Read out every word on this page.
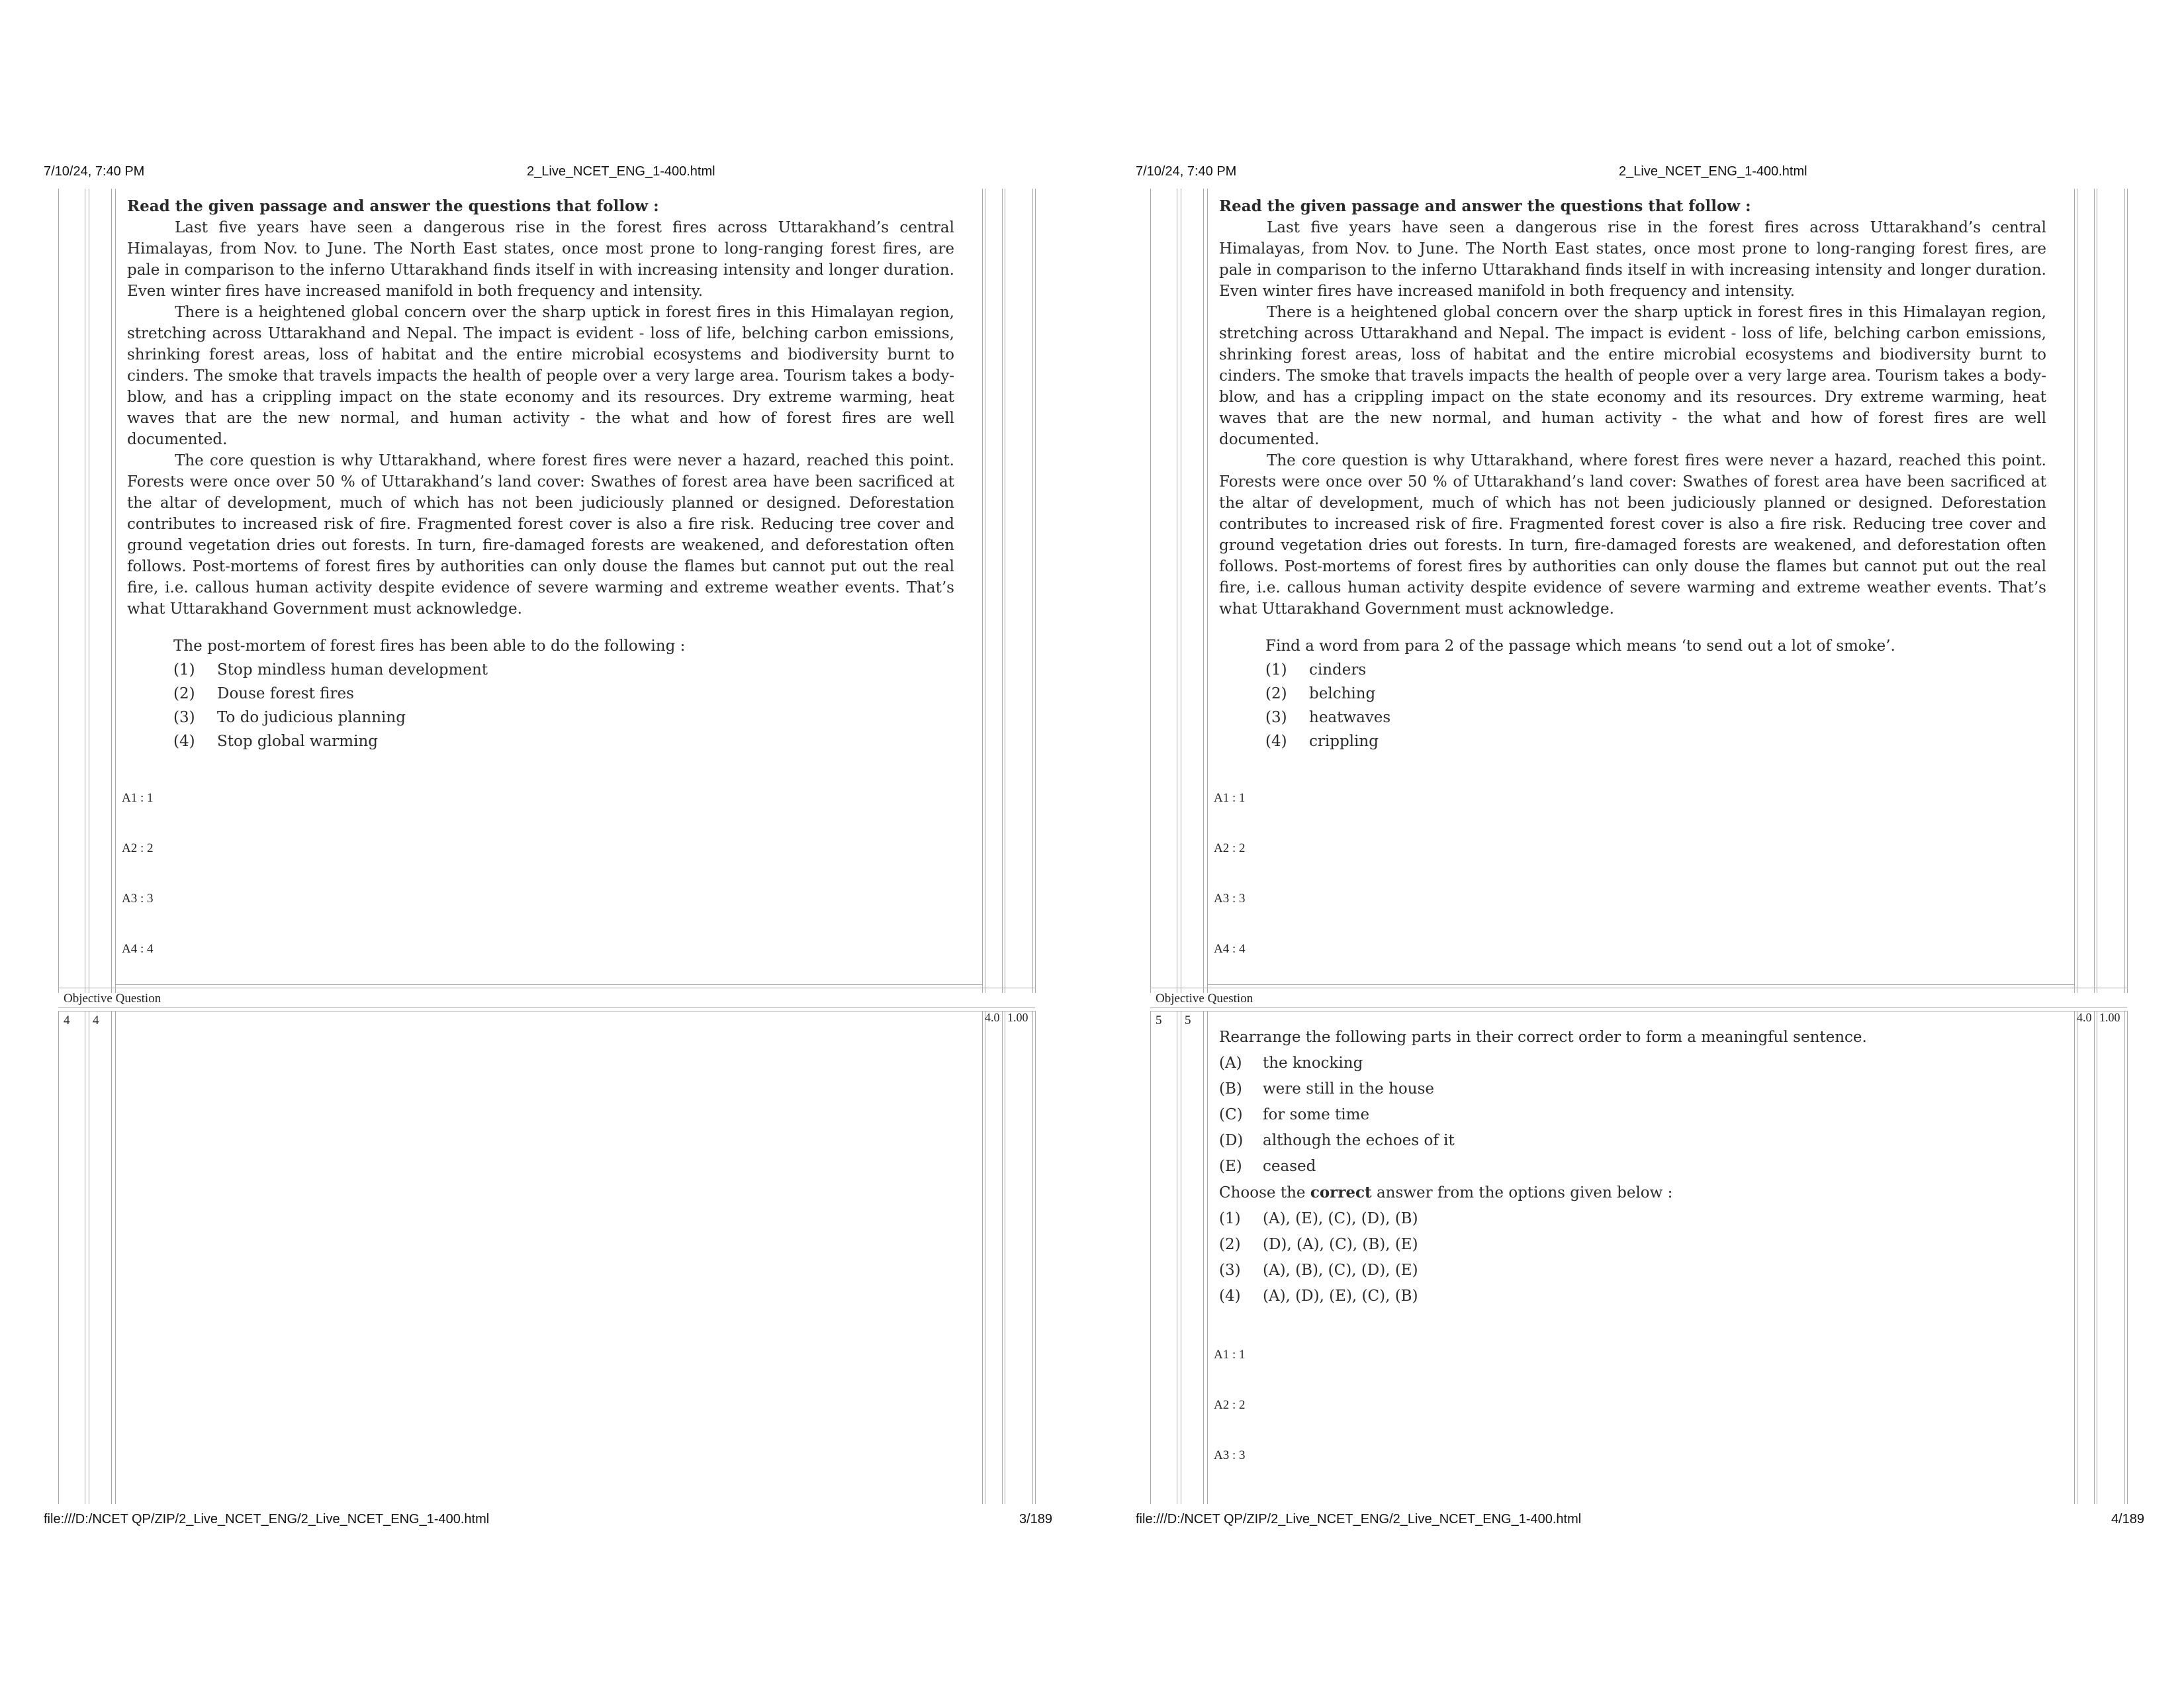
7/10/24, 7:40 PM	2_Live_NCET_ENG_1-400.html

Read the given passage and answer the questions that follow :

Last five years have seen a dangerous rise in the forest fires across Uttarakhand’s central Himalayas, from Nov. to June. The North East states, once most prone to long-ranging forest fires, are pale in comparison to the inferno Uttarakhand finds itself in with increasing intensity and longer duration. Even winter fires have increased manifold in both frequency and intensity.

There is a heightened global concern over the sharp uptick in forest fires in this Himalayan region, stretching across Uttarakhand and Nepal. The impact is evident - loss of life, belching carbon emissions, shrinking forest areas, loss of habitat and the entire microbial ecosystems and biodiversity burnt to cinders. The smoke that travels impacts the health of people over a very large area. Tourism takes a body-blow, and has a crippling impact on the state economy and its resources. Dry extreme warming, heat waves that are the new normal, and human activity - the what and how of forest fires are well documented.

The core question is why Uttarakhand, where forest fires were never a hazard, reached this point. Forests were once over 50 % of Uttarakhand’s land cover: Swathes of forest area have been sacrificed at the altar of development, much of which has not been judiciously planned or designed. Deforestation contributes to increased risk of fire. Fragmented forest cover is also a fire risk. Reducing tree cover and ground vegetation dries out forests. In turn, fire-damaged forests are weakened, and deforestation often follows. Post-mortems of forest fires by authorities can only douse the flames but cannot put out the real fire, i.e. callous human activity despite evidence of severe warming and extreme weather events. That’s what Uttarakhand Government must acknowledge.

The post-mortem of forest fires has been able to do the following :

(1)	Stop mindless human development
(2)	Douse forest fires
(3)	To do judicious planning
(4)	Stop global warming
A1 : 1
A2 : 2
A3 : 3
A4 : 4
Objective Question
4 4	4.0 1.00
file:///D:/NCET QP/ZIP/2_Live_NCET_ENG/2_Live_NCET_ENG_1-400.html	3/189
7/10/24, 7:40 PM	2_Live_NCET_ENG_1-400.html

Read the given passage and answer the questions that follow :

Last five years have seen a dangerous rise in the forest fires across Uttarakhand’s central Himalayas, from Nov. to June. The North East states, once most prone to long-ranging forest fires, are pale in comparison to the inferno Uttarakhand finds itself in with increasing intensity and longer duration. Even winter fires have increased manifold in both frequency and intensity.

There is a heightened global concern over the sharp uptick in forest fires in this Himalayan region, stretching across Uttarakhand and Nepal. The impact is evident - loss of life, belching carbon emissions, shrinking forest areas, loss of habitat and the entire microbial ecosystems and biodiversity burnt to cinders. The smoke that travels impacts the health of people over a very large area. Tourism takes a body-blow, and has a crippling impact on the state economy and its resources. Dry extreme warming, heat waves that are the new normal, and human activity - the what and how of forest fires are well documented.

The core question is why Uttarakhand, where forest fires were never a hazard, reached this point. Forests were once over 50 % of Uttarakhand’s land cover: Swathes of forest area have been sacrificed at the altar of development, much of which has not been judiciously planned or designed. Deforestation contributes to increased risk of fire. Fragmented forest cover is also a fire risk. Reducing tree cover and ground vegetation dries out forests. In turn, fire-damaged forests are weakened, and deforestation often follows. Post-mortems of forest fires by authorities can only douse the flames but cannot put out the real fire, i.e. callous human activity despite evidence of severe warming and extreme weather events. That’s what Uttarakhand Government must acknowledge.

Find a word from para 2 of the passage which means ‘to send out a lot of smoke’.

(1)	cinders
(2)	belching
(3)	heatwaves
(4)	crippling
A1 : 1
A2 : 2
A3 : 3
A4 : 4
Objective Question
5 5	4.0 1.00
A1 : 1
A2 : 2
A3 : 3
file:///D:/NCET QP/ZIP/2_Live_NCET_ENG/2_Live_NCET_ENG_1-400.html	4/189

Rearrange the following parts in their correct order to form a meaningful sentence.

(A)	the knocking
(B)	were still in the house
(C)	for some time
(D)	although the echoes of it
(E)	ceased

Choose the correct answer from the options given below :

(1)	(A), (E), (C), (D), (B)
(2)	(D), (A), (C), (B), (E)
(3)	(A), (B), (C), (D), (E)
(4)	(A), (D), (E), (C), (B)
